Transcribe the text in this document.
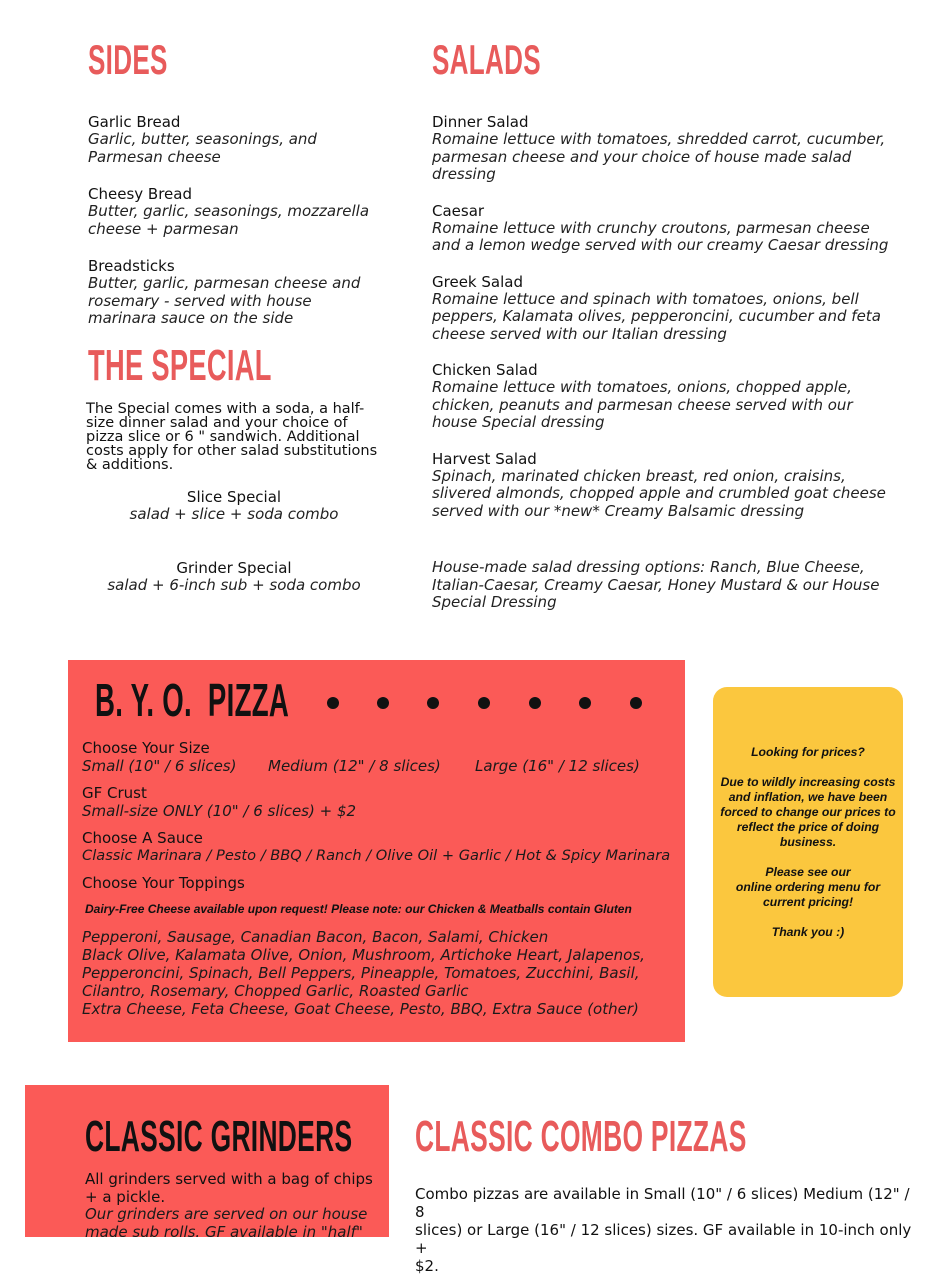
SIDES

Garlic Bread

Garlic, butter, seasonings, and

Parmesan cheese

Cheesy Bread

Butter, garlic, seasonings, mozzarella

cheese + parmesan

Breadsticks

Butter, garlic, parmesan cheese and

rosemary - served with house

marinara sauce on the side

THE SPECIAL
The Special comes with a soda, a half-
size dinner salad and your choice of
pizza slice or 6 " sandwich. Additional
costs apply for other salad substitutions
& additions.

Slice Special

salad + slice + soda combo

Grinder Special

salad + 6-inch sub + soda combo

SALADS

Dinner Salad

Romaine lettuce with tomatoes, shredded carrot, cucumber,

parmesan cheese and your choice of house made salad

dressing

Caesar

Romaine lettuce with crunchy croutons, parmesan cheese

and a lemon wedge served with our creamy Caesar dressing

Greek Salad

Romaine lettuce and spinach with tomatoes, onions, bell

peppers, Kalamata olives, pepperoncini, cucumber and feta

cheese served with our Italian dressing

Chicken Salad

Romaine lettuce with tomatoes, onions, chopped apple,

chicken, peanuts and parmesan cheese served with our

house Special dressing

Harvest Salad

Spinach, marinated chicken breast, red onion, craisins,

slivered almonds, chopped apple and crumbled goat cheese

served with our *new* Creamy Balsamic dressing

House-made salad dressing options: Ranch, Blue Cheese,

Italian-Caesar, Creamy Caesar, Honey Mustard & our House

Special Dressing

B. Y. O.  PIZZA

Choose Your Size

Small (10" / 6 slices) Medium (12" / 8 slices) Large (16" / 12 slices)

GF Crust

Small-size ONLY (10" / 6 slices) + $2

Choose A Sauce

Classic Marinara / Pesto / BBQ / Ranch / Olive Oil + Garlic / Hot & Spicy Marinara

Choose Your Toppings

Dairy-Free Cheese available upon request! Please note: our Chicken & Meatballs contain Gluten

Pepperoni, Sausage, Canadian Bacon, Bacon, Salami, Chicken

Black Olive, Kalamata Olive, Onion, Mushroom, Artichoke Heart, Jalapenos,

Pepperoncini, Spinach, Bell Peppers, Pineapple, Tomatoes, Zucchini, Basil,

Cilantro, Rosemary, Chopped Garlic, Roasted Garlic

Extra Cheese, Feta Cheese, Goat Cheese, Pesto, BBQ, Extra Sauce (other)

Looking for prices?

Due to wildly increasing costs

and inflation, we have been

forced to change our prices to

reflect the price of doing

business.

Please see our

online ordering menu for

current pricing!

Thank you :)

CLASSIC GRINDERS

All grinders served with a bag of chips

+ a pickle.

Our grinders are served on our house

made sub rolls. GF available in "half"

CLASSIC COMBO PIZZAS

Combo pizzas are available in Small (10" / 6 slices) Medium (12" / 8

slices) or Large (16" / 12 slices) sizes. GF available in 10-inch only +

$2.
